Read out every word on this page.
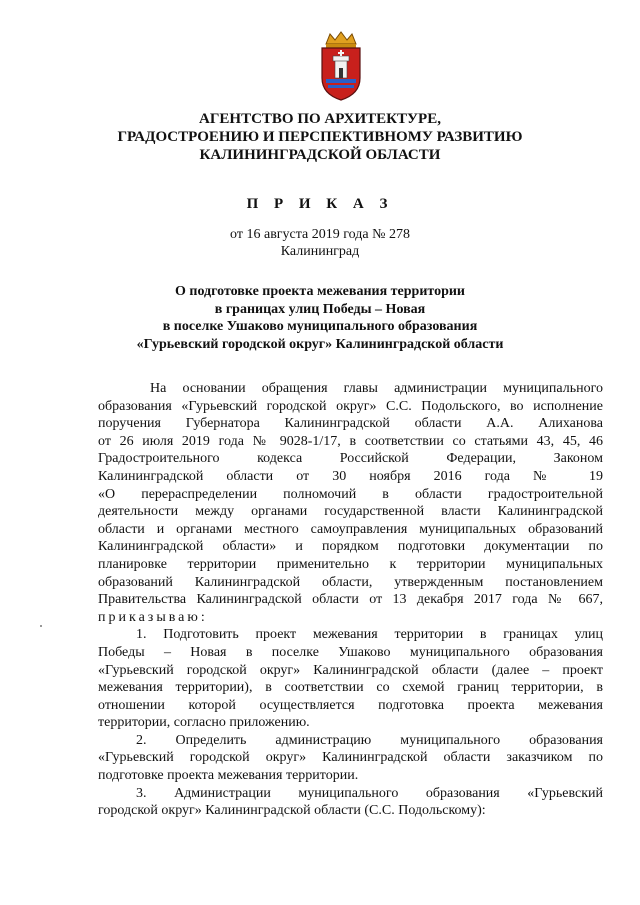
АГЕНТСТВО ПО АРХИТЕКТУРЕ,
ГРАДОСТРОЕНИЮ И ПЕРСПЕКТИВНОМУ РАЗВИТИЮ
КАЛИНИНГРАДСКОЙ ОБЛАСТИ
П Р И К А З
от 16 августа 2019 года № 278
Калининград
О подготовке проекта межевания территории
в границах улиц Победы – Новая
в поселке Ушаково муниципального образования
«Гурьевский городской округ» Калининградской области
На основании обращения главы администрации муниципального
образования «Гурьевский городской округ» С.С. Подольского, во исполнение
поручения Губернатора Калининградской области А.А. Алиханова
от 26 июля 2019 года № 9028-1/17, в соответствии со статьями 43, 45, 46
Градостроительного кодекса Российской Федерации, Законом
Калининградской области от 30 ноября 2016 года № 19
«О перераспределении полномочий в области градостроительной
деятельности между органами государственной власти Калининградской
области и органами местного самоуправления муниципальных образований
Калининградской области» и порядком подготовки документации по
планировке территории применительно к территории муниципальных
образований Калининградской области, утвержденным постановлением
Правительства Калининградской области от 13 декабря 2017 года № 667,
приказываю:
1. Подготовить проект межевания территории в границах улиц
Победы – Новая в поселке Ушаково муниципального образования
«Гурьевский городской округ» Калининградской области (далее – проект
межевания территории), в соответствии со схемой границ территории, в
отношении которой осуществляется подготовка проекта межевания
территории, согласно приложению.
2. Определить администрацию муниципального образования
«Гурьевский городской округ» Калининградской области заказчиком по
подготовке проекта межевания территории.
3. Администрации муниципального образования «Гурьевский
городской округ» Калининградской области (С.С. Подольскому):
